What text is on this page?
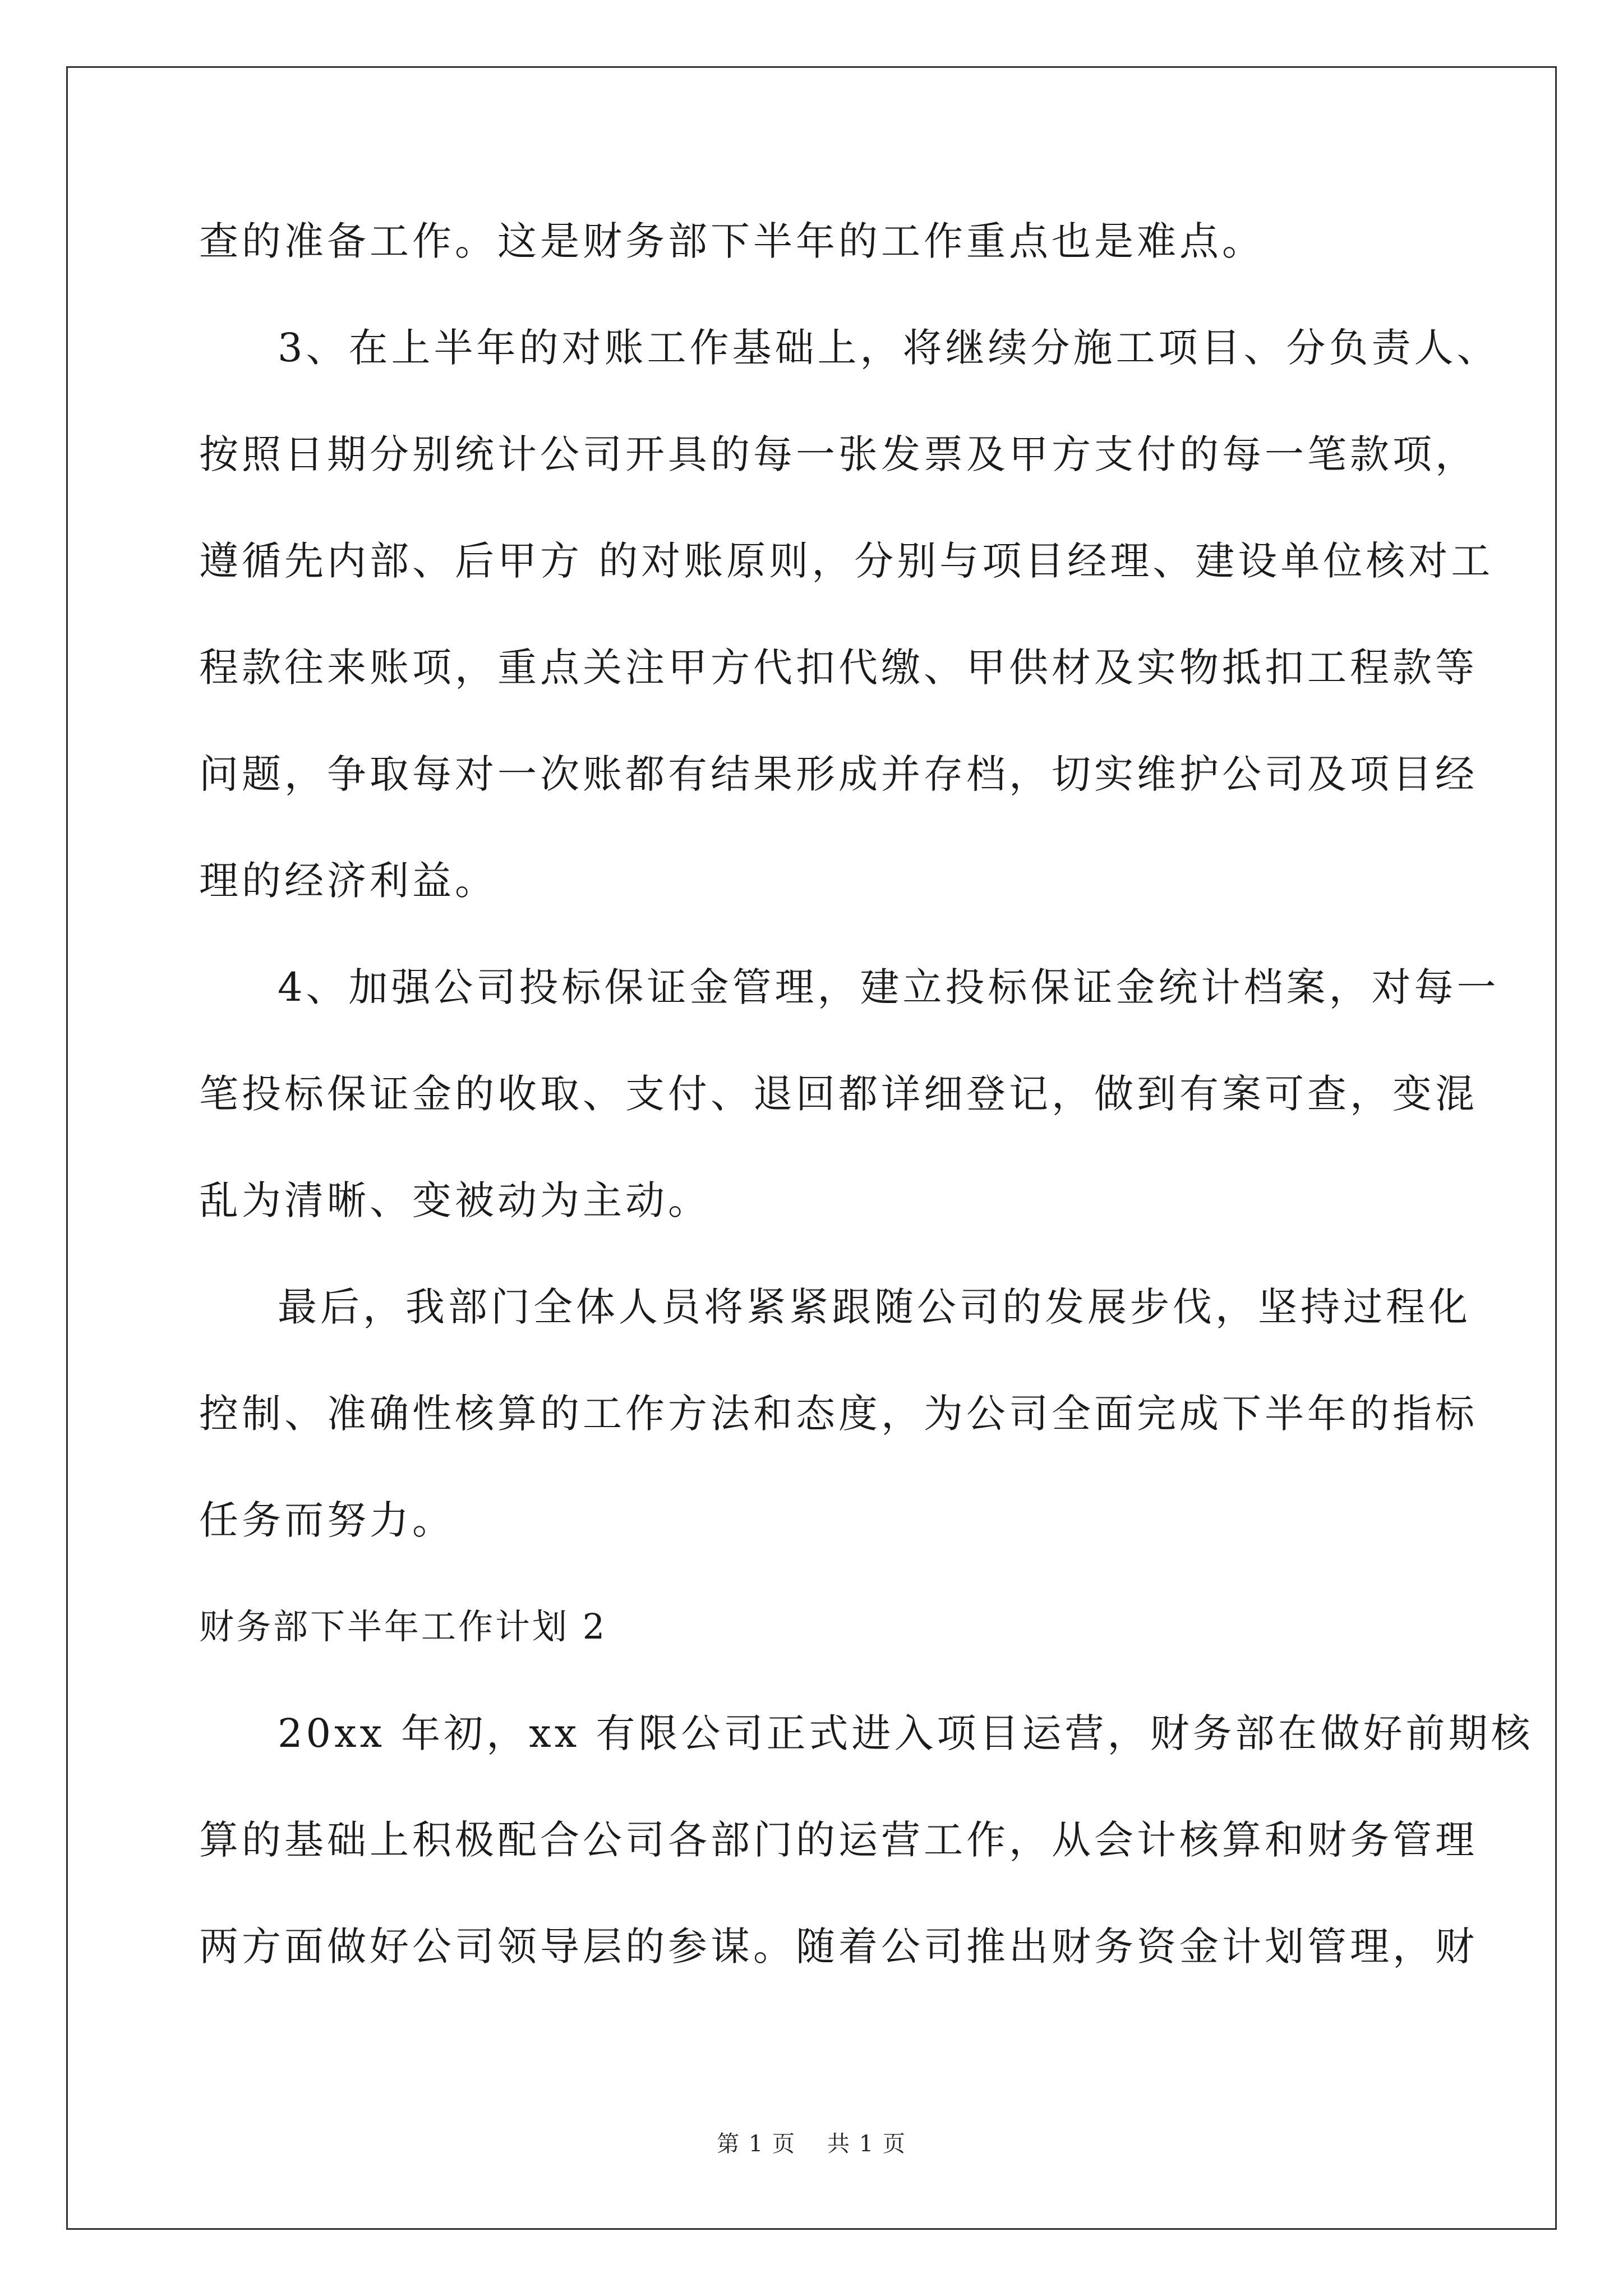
查的准备工作。这是财务部下半年的工作重点也是难点。
3、在上半年的对账工作基础上，将继续分施工项目、分负责人、
按照日期分别统计公司开具的每一张发票及甲方支付的每一笔款项，
遵循先内部、后甲方 的对账原则，分别与项目经理、建设单位核对工
程款往来账项，重点关注甲方代扣代缴、甲供材及实物抵扣工程款等
问题，争取每对一次账都有结果形成并存档，切实维护公司及项目经
理的经济利益。
4、加强公司投标保证金管理，建立投标保证金统计档案，对每一
笔投标保证金的收取、支付、退回都详细登记，做到有案可查，变混
乱为清晰、变被动为主动。
最后，我部门全体人员将紧紧跟随公司的发展步伐，坚持过程化
控制、准确性核算的工作方法和态度，为公司全面完成下半年的指标
任务而努力。
财务部下半年工作计划 2
20xx 年初，xx 有限公司正式进入项目运营，财务部在做好前期核
算的基础上积极配合公司各部门的运营工作，从会计核算和财务管理
两方面做好公司领导层的参谋。随着公司推出财务资金计划管理，财
第 1 页 共 1 页
